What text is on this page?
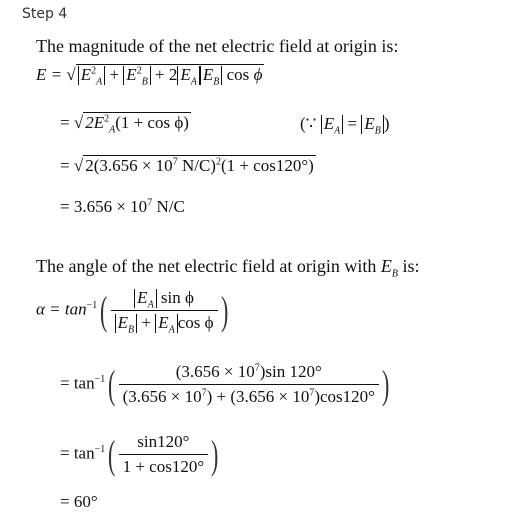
Step 4
The magnitude of the net electric field at origin is:
E = √ $E^2_A + E^2_B + 2$ $E_A$ $E_B$ cos ϕ
= √ $2E^2_A(1 + \cos \phi)$	(∵ $E_A = E_B$ )
= √ $2(3.656 \times 10^7$ N/C)$^2$(1 + cos120°)
= $3.656 \times 10^7$ N/C
The angle of the net electric field at origin with $E_B$ is:
$\alpha = \tan^{-1}( \frac{E_A \sin \phi}{E_B + E_A \cos \phi}$ )
= $\tan^{-1}( \frac{(3.656 \times 10^7)\sin 120^\circ}{(3.656 \times 10^7) + (3.656 \times 10^7)\cos 120^\circ}$ )
= $\tan^{-1}( \frac{\sin 120^\circ}{1 + \cos 120^\circ}$ )
= 60°
